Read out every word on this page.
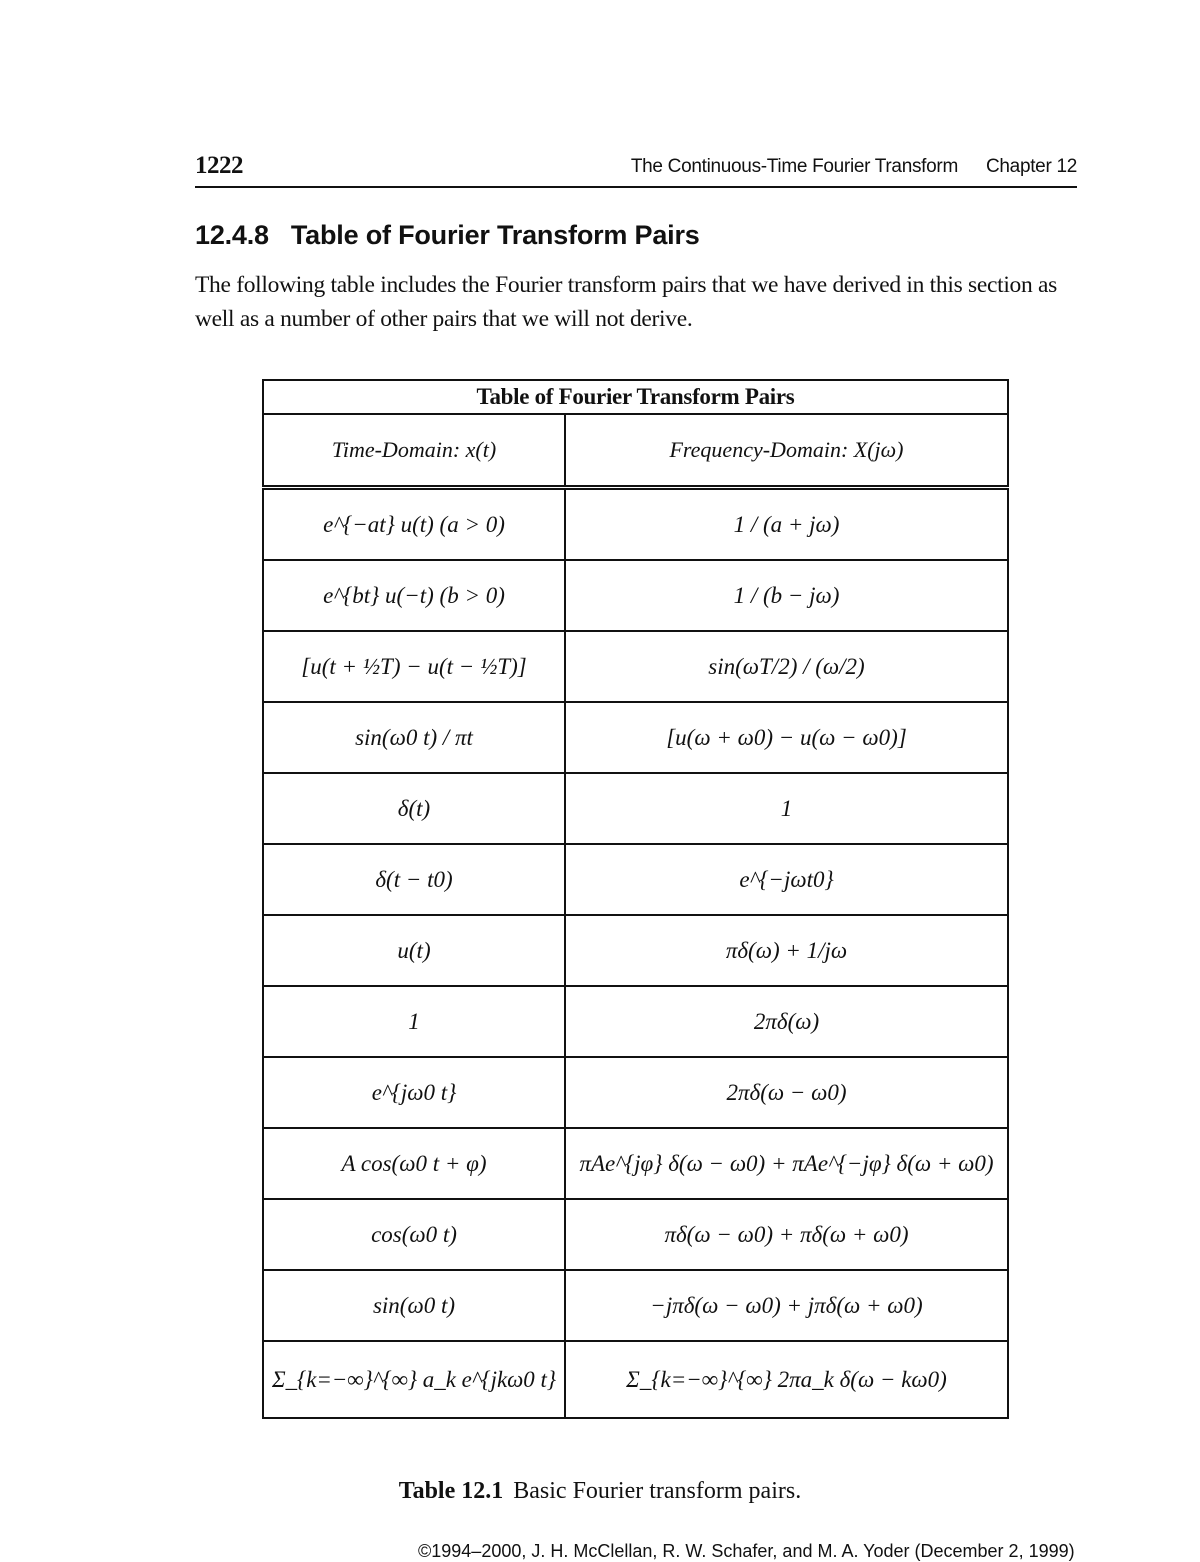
1222	The Continuous-Time Fourier Transform Chapter 12
12.4.8 Table of Fourier Transform Pairs
The following table includes the Fourier transform pairs that we have derived in this section as well as a number of other pairs that we will not derive.
Table of Fourier Transform Pairs	
Time-Domain: x(t)	Frequency-Domain: X(jω)
e^{−at} u(t) (a > 0)	1 / (a + jω)
e^{bt} u(−t) (b > 0)	1 / (b − jω)
[u(t + ½T) − u(t − ½T)]	sin(ωT/2) / (ω/2)
sin(ω0 t) / πt	[u(ω + ω0) − u(ω − ω0)]
δ(t)	1
δ(t − t0)	e^{−jωt0}
u(t)	πδ(ω) + 1/jω
1	2πδ(ω)
e^{jω0 t}	2πδ(ω − ω0)
A cos(ω0 t + φ)	πAe^{jφ} δ(ω − ω0) + πAe^{−jφ} δ(ω + ω0)
cos(ω0 t)	πδ(ω − ω0) + πδ(ω + ω0)
sin(ω0 t)	−jπδ(ω − ω0) + jπδ(ω + ω0)
Σ_{k=−∞}^{∞} a_k e^{jkω0 t}	Σ_{k=−∞}^{∞} 2πa_k δ(ω − kω0)
Table 12.1 Basic Fourier transform pairs.
©1994–2000, J. H. McClellan, R. W. Schafer, and M. A. Yoder (December 2, 1999)
